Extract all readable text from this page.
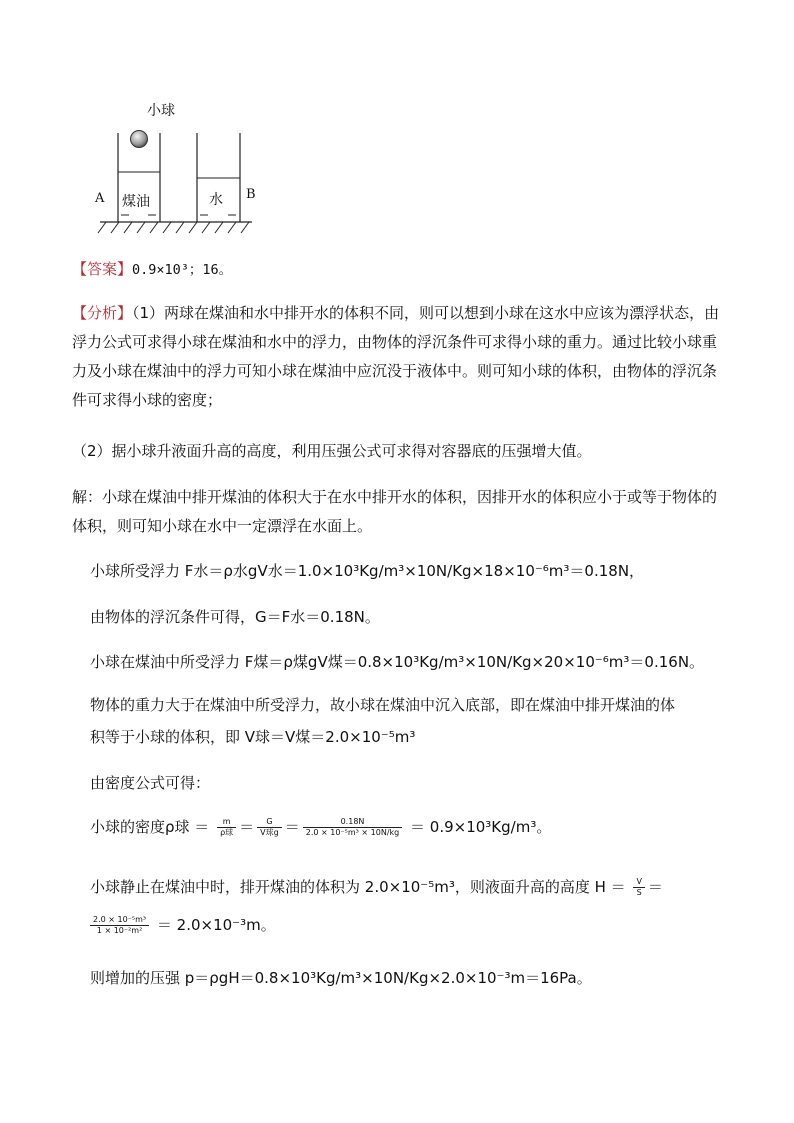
小球
A	B
煤油	水
【答案】0.9×10³；16。
【分析】（1）两球在煤油和水中排开水的体积不同，则可以想到小球在这水中应该为漂浮状态，由浮力公式可求得小球在煤油和水中的浮力，由物体的浮沉条件可求得小球的重力。通过比较小球重力及小球在煤油中的浮力可知小球在煤油中应沉没于液体中。则可知小球的体积，由物体的浮沉条件可求得小球的密度；
（2）据小球升液面升高的高度，利用压强公式可求得对容器底的压强增大值。
解：小球在煤油中排开煤油的体积大于在水中排开水的体积，因排开水的体积应小于或等于物体的体积，则可知小球在水中一定漂浮在水面上。
小球所受浮力 F水＝ρ水gV水＝1.0×10³Kg/m³×10N/Kg×18×10⁻⁶m³＝0.18N，
由物体的浮沉条件可得，G＝F水＝0.18N。
小球在煤油中所受浮力 F煤＝ρ煤gV煤＝0.8×10³Kg/m³×10N/Kg×20×10⁻⁶m³＝0.16N。
物体的重力大于在煤油中所受浮力，故小球在煤油中沉入底部，即在煤油中排开煤油的体
积等于小球的体积，即 V球＝V煤＝2.0×10⁻⁵m³
由密度公式可得：
小球的密度ρ球 ＝ $\frac{m}{\text{ρ球}} = \frac{G}{\text{V球g}} = \frac{0.18N}{\text{2.0 × 10⁻⁵m³ × 10N/kg}} = 0.9\times 10^3Kg/m^3$。
小球静止在煤油中时，排开煤油的体积为 2.0×10⁻⁵m³，则液面升高的高度 $H = \frac{V}{S}$ ＝
$\frac{\text{2.0 × 10⁻⁵m³}}{\text{1 × 10⁻²m²}} = 2.0\times 10^{-3}m$。
则增加的压强 p＝ρgH＝0.8×10³Kg/m³×10N/Kg×2.0×10⁻³m＝16Pa。
